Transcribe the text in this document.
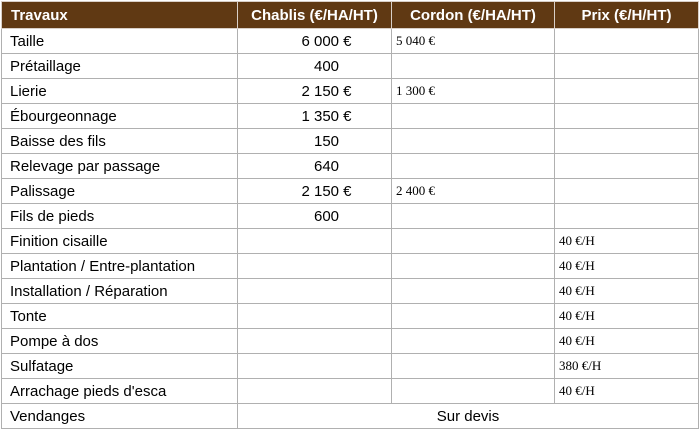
Travaux	Chablis (€/HA/HT)	Cordon (€/HA/HT)	Prix (€/H/HT)
Taille	6 000 €	5 040 €	
Prétaillage	400		
Lierie	2 150 €	1 300 €	
Ébourgeonnage	1 350 €		
Baisse des fils	150		
Relevage par passage	640		
Palissage	2 150 €	2 400 €	
Fils de pieds	600		
Finition cisaille			40 €/H
Plantation / Entre-plantation			40 €/H
Installation / Réparation			40 €/H
Tonte			40 €/H
Pompe à dos			40 €/H
Sulfatage			380 €/H
Arrachage pieds d'esca			40 €/H
Vendanges	Sur devis		
